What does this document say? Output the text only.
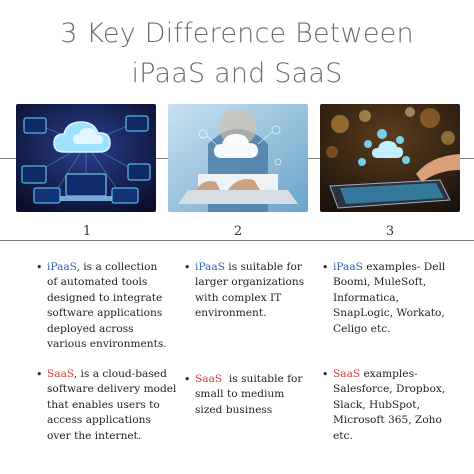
3 Key Difference Between
iPaaS and SaaS
1	2	3
• iPaaS, is a collection of automated tools designed to integrate software applications deployed across various environments.
• SaaS, is a cloud-based software delivery model that enables users to access applications over the internet.
• iPaaS is suitable for larger organizations with complex IT environment.
• SaaS  is suitable for small to medium sized business
• iPaaS examples- Dell Boomi, MuleSoft, Informatica, SnapLogic, Workato, Celigo etc.
• SaaS examples- Salesforce, Dropbox, Slack, HubSpot, Microsoft 365, Zoho etc.
